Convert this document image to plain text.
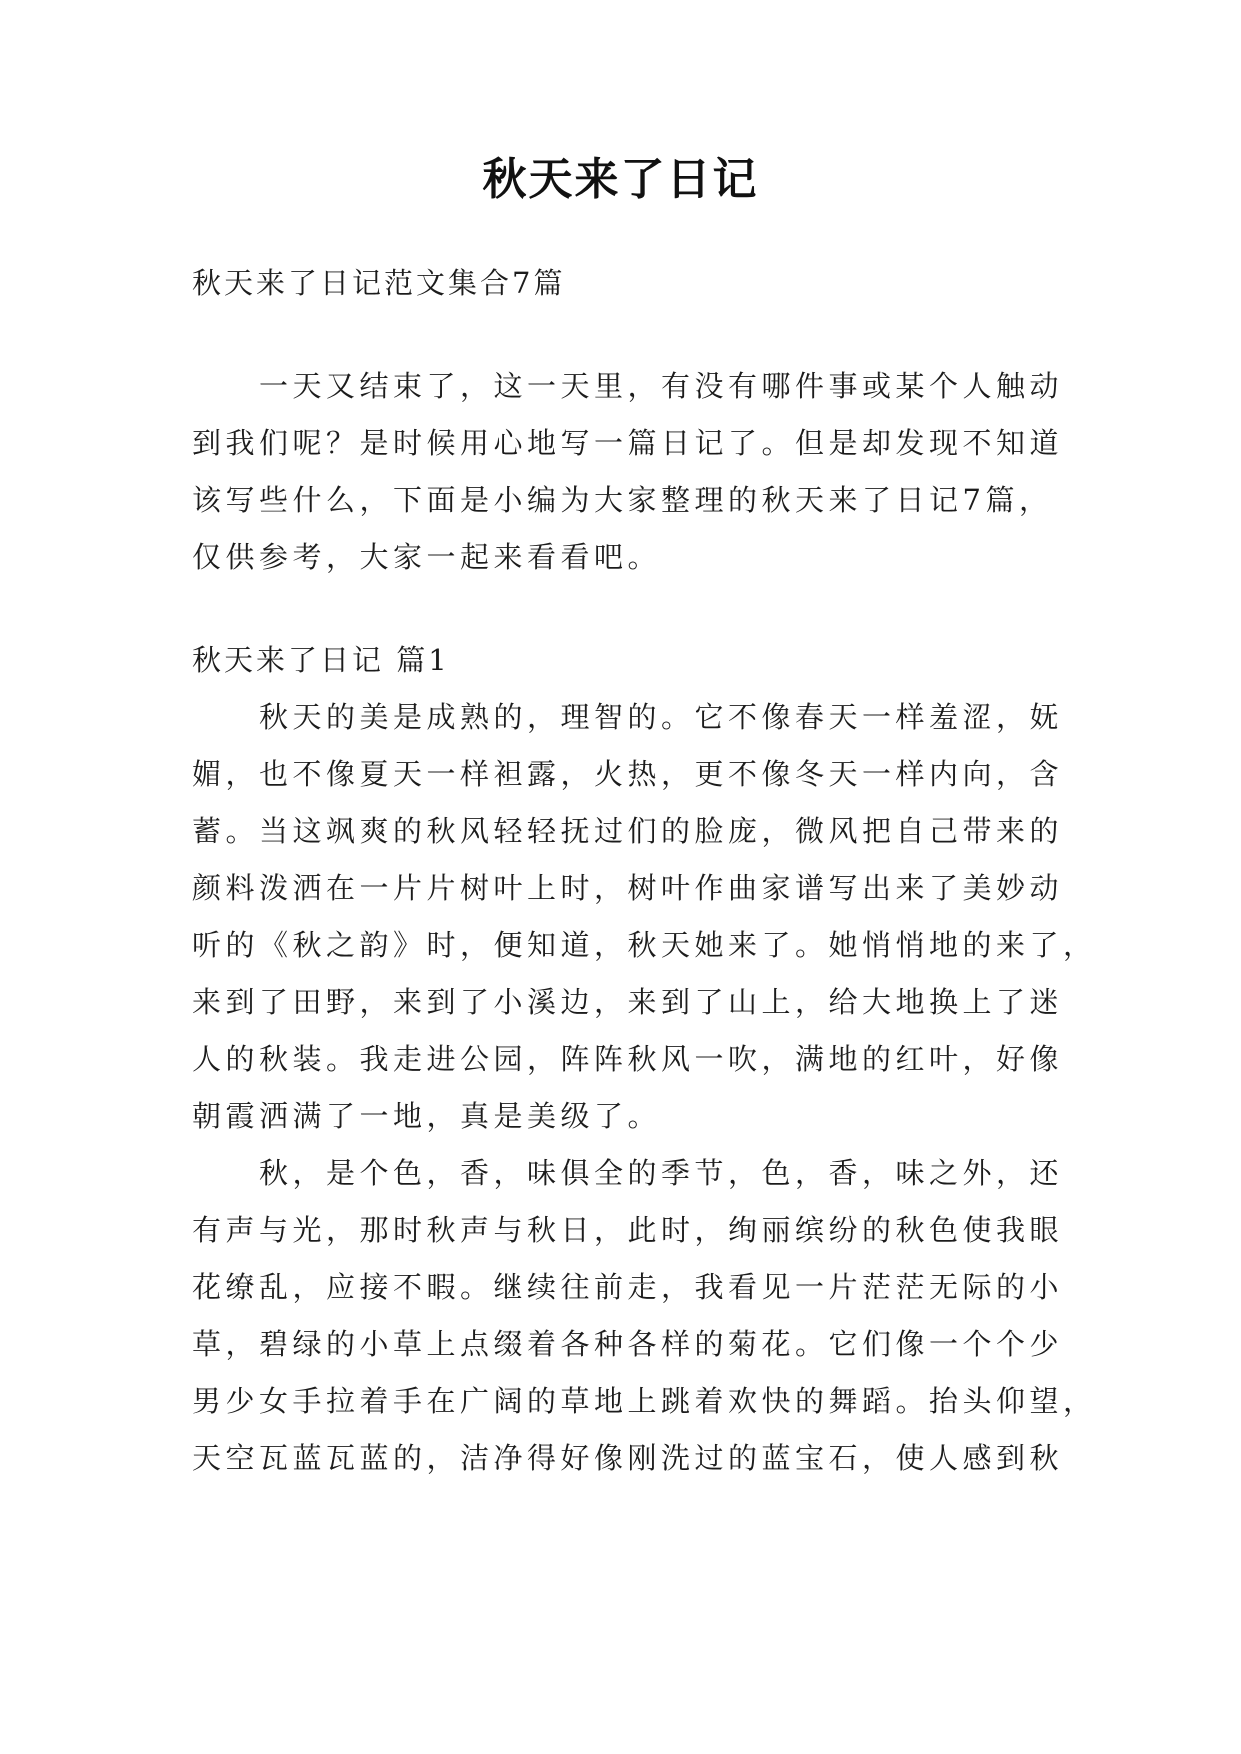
秋天来了日记
秋天来了日记范文集合7篇
　　一天又结束了，这一天里，有没有哪件事或某个人触动
到我们呢？是时候用心地写一篇日记了。但是却发现不知道
该写些什么，下面是小编为大家整理的秋天来了日记7篇，
仅供参考，大家一起来看看吧。
秋天来了日记 篇1
　　秋天的美是成熟的，理智的。它不像春天一样羞涩，妩
媚，也不像夏天一样袒露，火热，更不像冬天一样内向，含
蓄。当这飒爽的秋风轻轻抚过们的脸庞，微风把自己带来的
颜料泼洒在一片片树叶上时，树叶作曲家谱写出来了美妙动
听的《秋之韵》时，便知道，秋天她来了。她悄悄地的来了，
来到了田野，来到了小溪边，来到了山上，给大地换上了迷
人的秋装。我走进公园，阵阵秋风一吹，满地的红叶，好像
朝霞洒满了一地，真是美级了。
　　秋，是个色，香，味俱全的季节，色，香，味之外，还
有声与光，那时秋声与秋日，此时，绚丽缤纷的秋色使我眼
花缭乱，应接不暇。继续往前走，我看见一片茫茫无际的小
草，碧绿的小草上点缀着各种各样的菊花。它们像一个个少
男少女手拉着手在广阔的草地上跳着欢快的舞蹈。抬头仰望，
天空瓦蓝瓦蓝的，洁净得好像刚洗过的蓝宝石，使人感到秋
